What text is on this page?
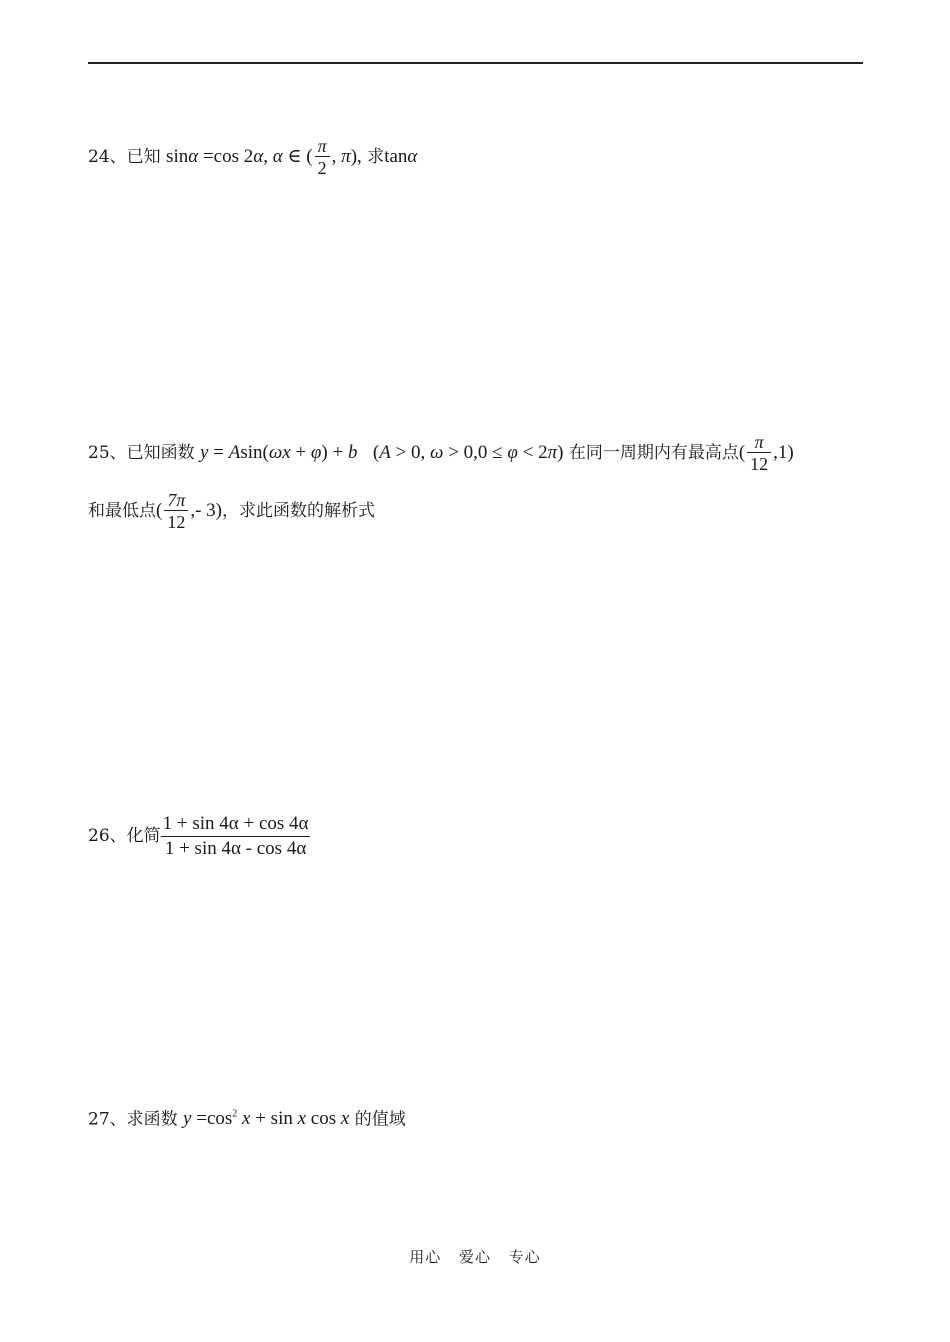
24、已知 sinα =cos 2α, α ∈ ( $\frac{\pi}{2}$ , π), 求tanα
25、已知函数 y = Asin(ωx + φ) + b (A > 0, ω > 0,0 ≤ φ < 2π) 在同一周期内有最高点( $\frac{\pi}{12} ,1$)
和最低点( $\frac{7\pi}{12}$ ,- 3)，求此函数的解析式
26、化简 $\frac{1 + \sin 4\alpha + \cos 4\alpha}{1 + \sin 4\alpha - \cos 4\alpha}$
27、求函数 $y =\cos^2$ x + sin x cos x 的值域
用心 爱心 专心
